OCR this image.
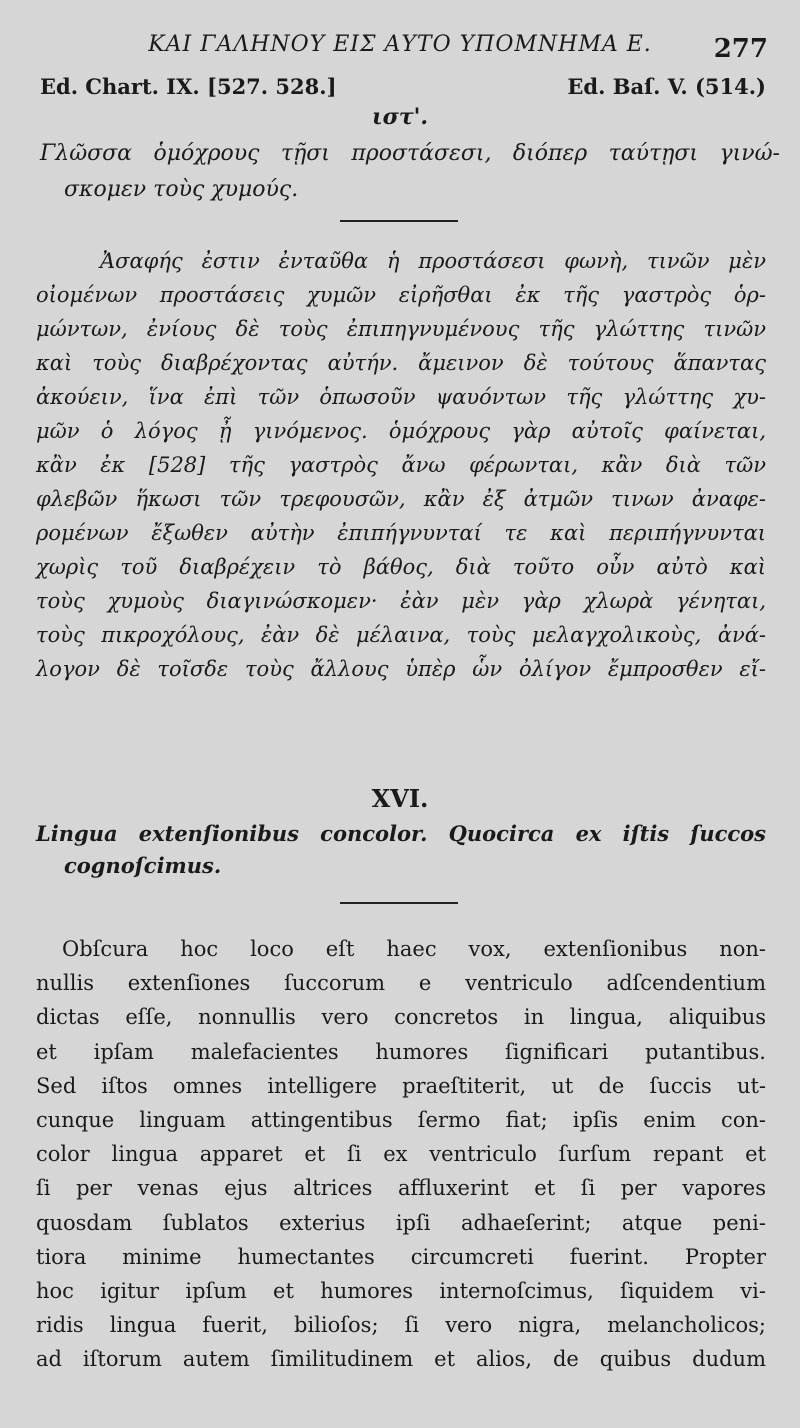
ΚΑΙ ΓΑΛΗΝΟΥ ΕΙΣ ΑΥΤΟ ΥΠΟΜΝΗΜΑ Ε.	277
Ed. Chart. IX. [527. 528.]	Ed. Baſ. V. (514.)
ιστ'.
Γλῶσσα ὁμόχρους τῇσι προστάσεσι, διόπερ ταύτῃσι γινώ-
σκομεν τοὺς χυμούς.
Ἀσαφής ἐστιν ἐνταῦθα ἡ προστάσεσι φωνὴ, τινῶν μὲν
οἰομένων προστάσεις χυμῶν εἰρῆσθαι ἐκ τῆς γαστρὸς ὁρ-
μώντων, ἐνίους δὲ τοὺς ἐπιπηγνυμένους τῆς γλώττης τινῶν
καὶ τοὺς διαβρέχοντας αὐτήν. ἄμεινον δὲ τούτους ἅπαντας
ἀκούειν, ἵνα ἐπὶ τῶν ὁπωσοῦν ψαυόντων τῆς γλώττης χυ-
μῶν ὁ λόγος ᾖ γινόμενος. ὁμόχρους γὰρ αὐτοῖς φαίνεται,
κἂν ἐκ [528] τῆς γαστρὸς ἄνω φέρωνται, κἂν διὰ τῶν
φλεβῶν ἥκωσι τῶν τρεφουσῶν, κἂν ἐξ ἀτμῶν τινων ἀναφε-
ρομένων ἔξωθεν αὐτὴν ἐπιπήγνυνταί τε καὶ περιπήγνυνται
χωρὶς τοῦ διαβρέχειν τὸ βάθος, διὰ τοῦτο οὖν αὐτὸ καὶ
τοὺς χυμοὺς διαγινώσκομεν· ἐὰν μὲν γὰρ χλωρὰ γένηται,
τοὺς πικροχόλους, ἐὰν δὲ μέλαινα, τοὺς μελαγχολικοὺς, ἀνά-
λογον δὲ τοῖσδε τοὺς ἄλλους ὑπὲρ ὧν ὀλίγον ἔμπροσθεν εἴ-
XVI.
Lingua extenſionibus concolor. Quocirca ex iſtis ſuccos
cognoſcimus.
Obſcura hoc loco eſt haec vox, extenſionibus non-
nullis extenſiones ſuccorum e ventriculo adſcendentium
dictas eſſe, nonnullis vero concretos in lingua, aliquibus
et ipſam malefacientes humores ſignificari putantibus.
Sed iſtos omnes intelligere praeſtiterit, ut de ſuccis ut-
cunque linguam attingentibus ſermo fiat; ipſis enim con-
color lingua apparet et ſi ex ventriculo ſurſum repant et
ſi per venas ejus altrices affluxerint et ſi per vapores
quosdam ſublatos exterius ipſi adhaeſerint; atque peni-
tiora minime humectantes circumcreti fuerint. Propter
hoc igitur ipſum et humores internoſcimus, ſiquidem vi-
ridis lingua fuerit, bilioſos; ſi vero nigra, melancholicos;
ad iſtorum autem ſimilitudinem et alios, de quibus dudum
